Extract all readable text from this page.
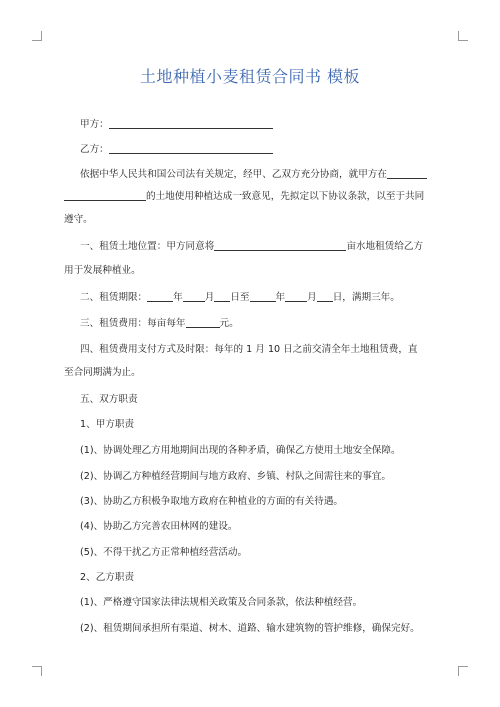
土地种植小麦租赁合同书 模板
甲方：
乙方：
依据中华人民共和国公司法有关规定，经甲、乙双方充分协商，就甲方在
的土地使用种植达成一致意见，先拟定以下协议条款，以至于共同
遵守。
一、租赁土地位置：甲方同意将	亩水地租赁给乙方
用于发展种植业。
二、租赁期限：	年 月 日至	年 月 日，满期三年。
三、租赁费用：每亩每年	元。
四、租赁费用支付方式及时限：每年的 1 月 10 日之前交清全年土地租赁费，直
至合同期满为止。
五、双方职责
1、甲方职责
(1)、协调处理乙方用地期间出现的各种矛盾，确保乙方使用土地安全保障。
(2)、协调乙方种植经营期间与地方政府、乡镇、村队之间需往来的事宜。
(3)、协助乙方积极争取地方政府在种植业的方面的有关待遇。
(4)、协助乙方完善农田林网的建设。
(5)、不得干扰乙方正常种植经营活动。
2、乙方职责
(1)、严格遵守国家法律法规相关政策及合同条款，依法种植经营。
(2)、租赁期间承担所有渠道、树木、道路、输水建筑物的管护维修，确保完好。
